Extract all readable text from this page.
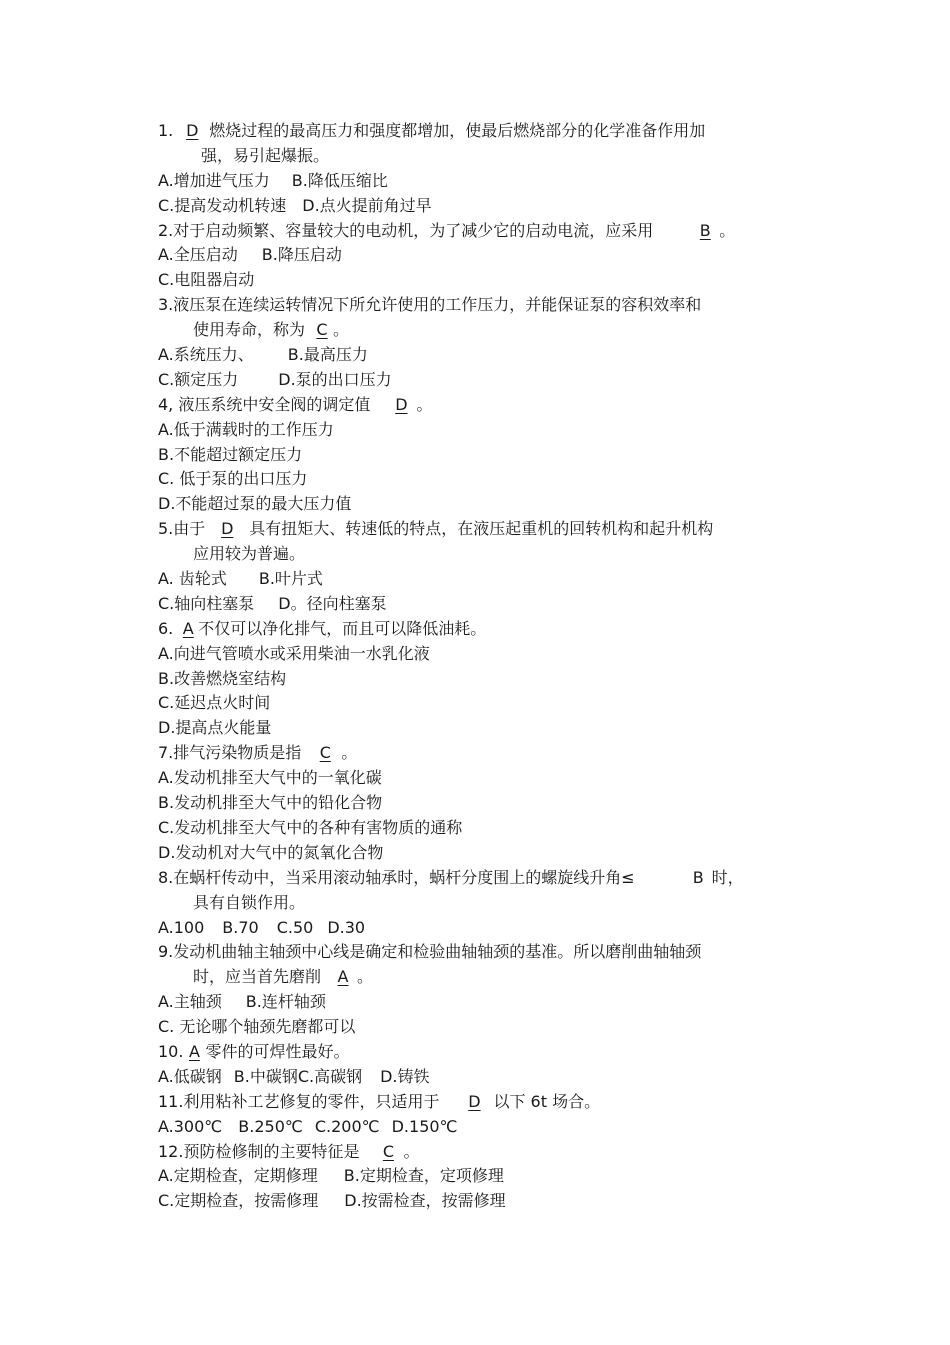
1. D 燃烧过程的最高压力和强度都增加，使最后燃烧部分的化学准备作用加
强，易引起爆振。
A.增加进气压力 B.降低压缩比
C.提高发动机转速 D.点火提前角过早
2.对于启动频繁、容量较大的电动机，为了减少它的启动电流，应采用	B 。
A.全压启动 B.降压启动
C.电阻器启动
3.液压泵在连续运转情况下所允许使用的工作压力，并能保证泵的容积效率和
使用寿命，称为 C 。
A.系统压力、 B.最高压力
C.额定压力	D.泵的出口压力
4, 液压系统中安全阀的调定值 D 。
A.低于满载时的工作压力
B.不能超过额定压力
C. 低于泵的出口压力
D.不能超过泵的最大压力值
5.由于 D 具有扭矩大、转速低的特点，在液压起重机的回转机构和起升机构
应用较为普遍。
A. 齿轮式 B.叶片式
C.轴向柱塞泵 D。径向柱塞泵
6. A 不仅可以净化排气，而且可以降低油耗。
A.向进气管喷水或采用柴油一水乳化液
B.改善燃烧室结构
C.延迟点火时间
D.提高点火能量
7.排气污染物质是指 C 。
A.发动机排至大气中的一氧化碳
B.发动机排至大气中的铅化合物
C.发动机排至大气中的各种有害物质的通称
D.发动机对大气中的氮氧化合物
8.在蜗杆传动中，当采用滚动轴承时，蜗杆分度围上的螺旋线升角≤	B 时，
具有自锁作用。
A.100 B.70 C.50 D.30
9.发动机曲轴主轴颈中心线是确定和检验曲轴轴颈的基准。所以磨削曲轴轴颈
时，应当首先磨削 A 。
A.主轴颈 B.连杆轴颈
C. 无论哪个轴颈先磨都可以
10. A 零件的可焊性最好。
A.低碳钢 B.中碳钢C.高碳钢 D.铸铁
11.利用粘补工艺修复的零件，只适用于 D 以下 6t 场合。
A.300℃ B.250℃ C.200℃ D.150℃
12.预防检修制的主要特征是 C 。
A.定期检查，定期修理 B.定期检查，定项修理
C.定期检查，按需修理 D.按需检查，按需修理
